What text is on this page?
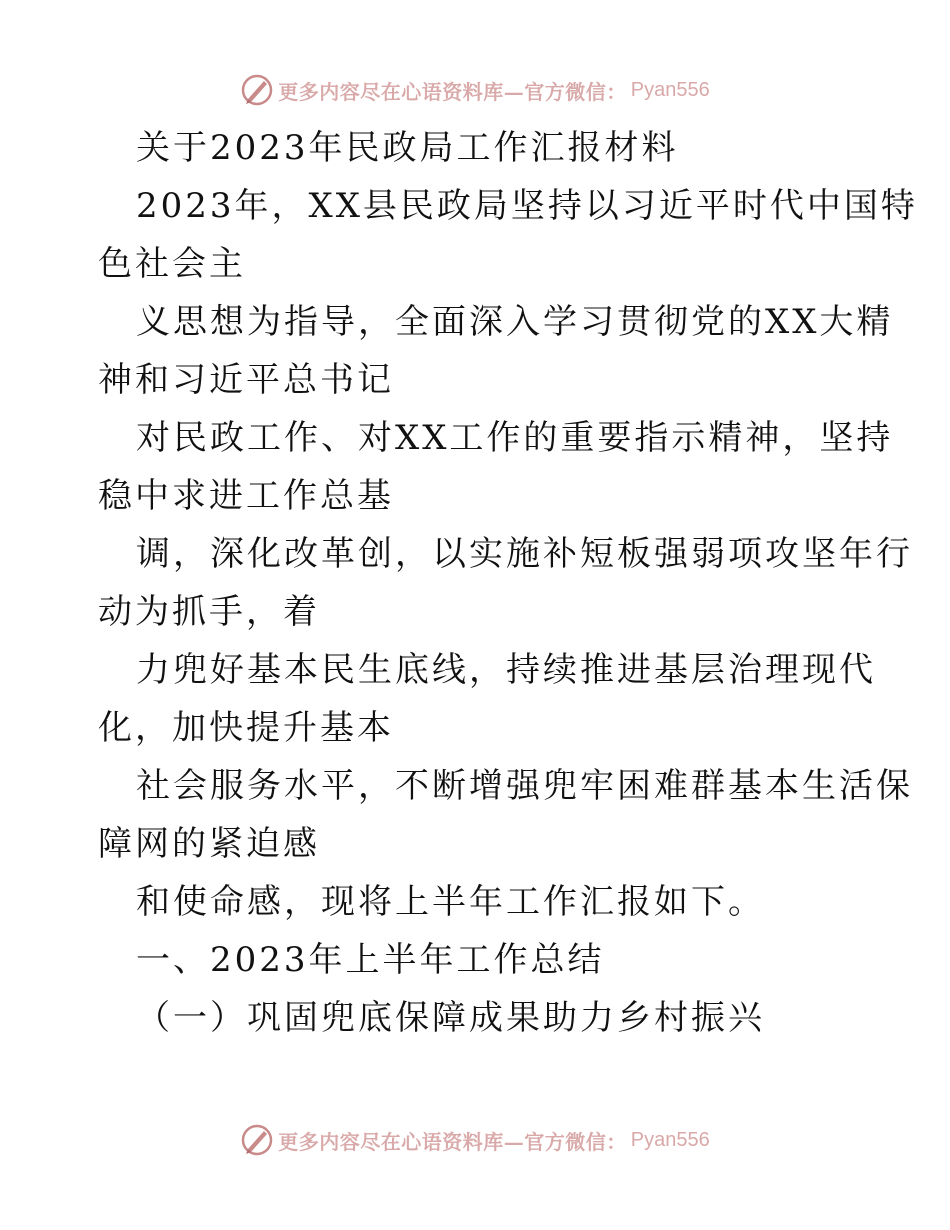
更多内容尽在心语资料库—官方微信： Pyan556
关于2023年民政局工作汇报材料
2023年，XX县民政局坚持以习近平时代中国特
色社会主
义思想为指导，全面深入学习贯彻党的XX大精
神和习近平总书记
对民政工作、对XX工作的重要指示精神，坚持
稳中求进工作总基
调，深化改革创，以实施补短板强弱项攻坚年行
动为抓手，着
力兜好基本民生底线，持续推进基层治理现代
化，加快提升基本
社会服务水平，不断增强兜牢困难群基本生活保
障网的紧迫感
和使命感，现将上半年工作汇报如下。
一、2023年上半年工作总结
（一）巩固兜底保障成果助力乡村振兴
更多内容尽在心语资料库—官方微信： Pyan556
